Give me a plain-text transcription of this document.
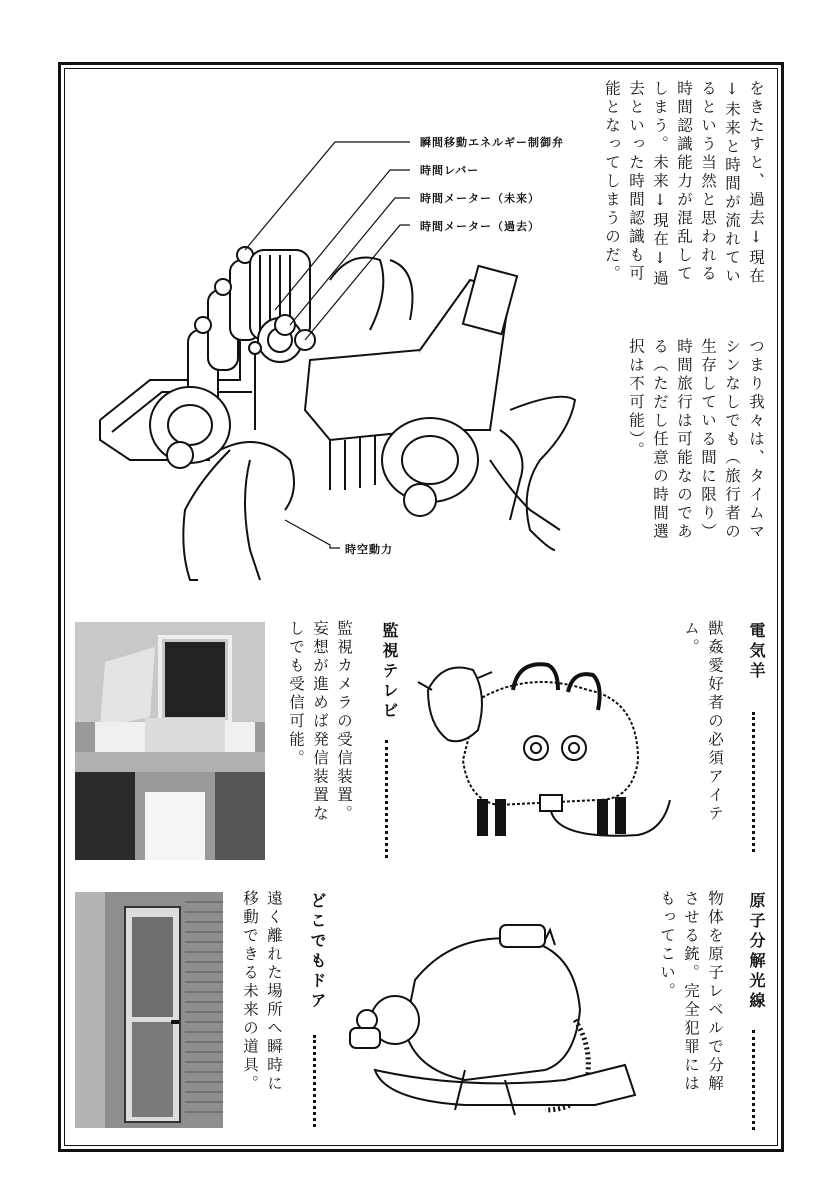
をきたすと、過去↓現在
↓未来と時間が流れてい
るという当然と思われる
時間認識能力が混乱して
しまう。未来↓現在↓過
去といった時間認識も可
能となってしまうのだ。
つまり我々は、タイムマ
シンなしでも（旅行者の
生存している間に限り）
時間旅行は可能なのであ
る（ただし任意の時間選
択は不可能）。
瞬間移動エネルギー制御弁
時間レバー
時間メーター（未来）
時間メーター（過去）
時空動力
電気羊
獣姦愛好者の必須アイテ
ム。
監視テレビ
監視カメラの受信装置。
妄想が進めば発信装置な
しでも受信可能。
原子分解光線
物体を原子レベルで分解
させる銃。完全犯罪には
もってこい。
どこでもドア
遠く離れた場所へ瞬時に
移動できる未来の道具。
